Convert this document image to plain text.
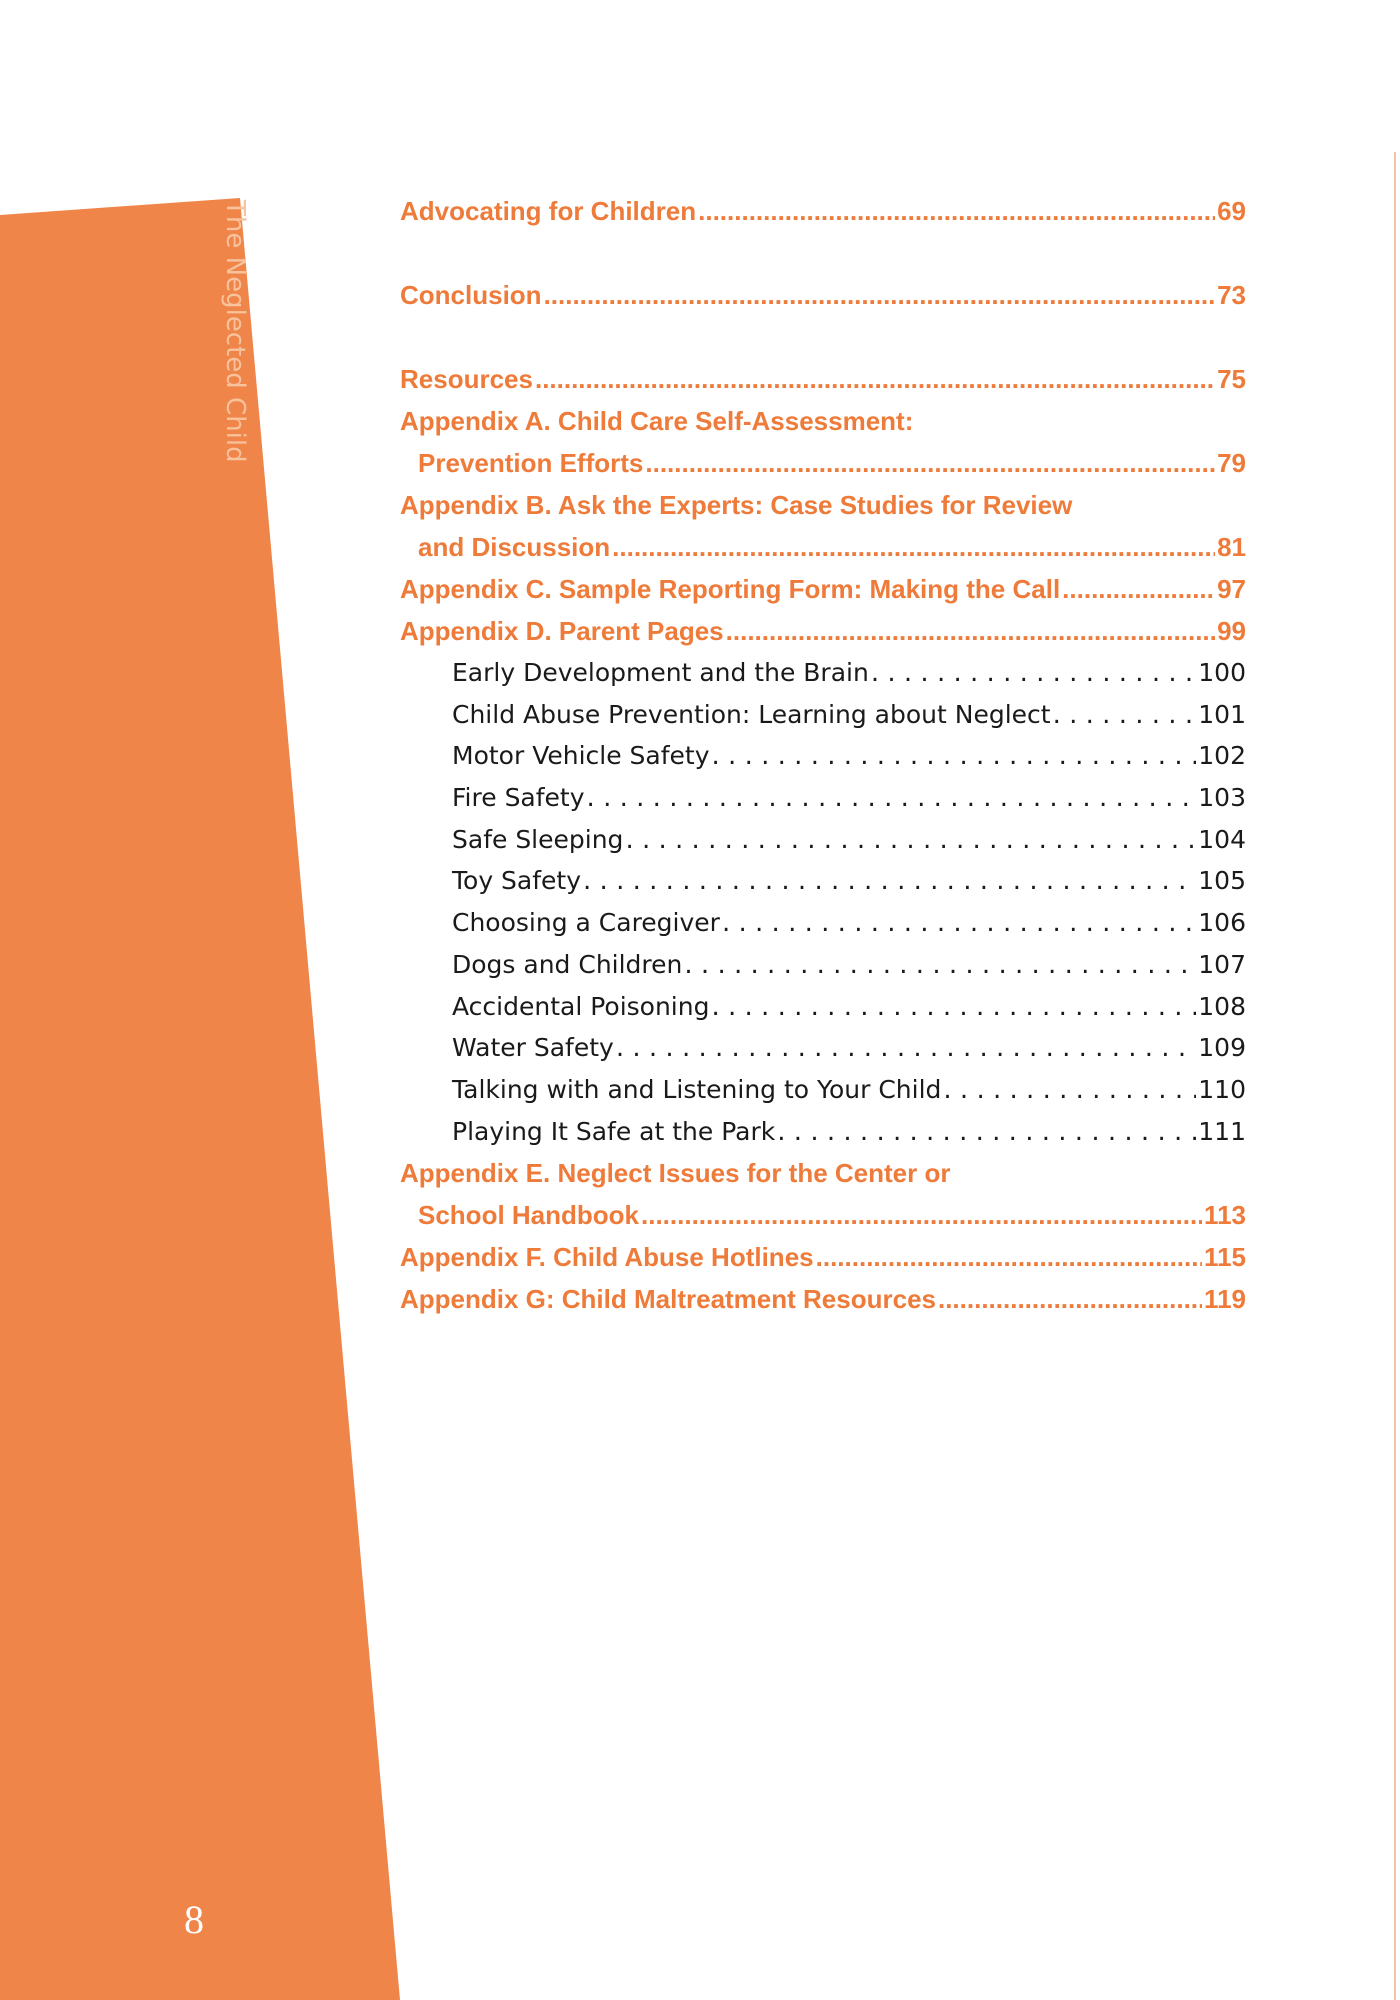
The Neglected Child
8
Advocating for Children .....	69
Conclusion .....	73
Resources .....	75
Appendix A. Child Care Self-Assessment:
Prevention Efforts .....	79
Appendix B. Ask the Experts: Case Studies for Review
and Discussion .....	81
Appendix C. Sample Reporting Form: Making the Call .....	97
Appendix D. Parent Pages .....	99
Early Development and the Brain . . .	100
Child Abuse Prevention: Learning about Neglect . . .	101
Motor Vehicle Safety . . .	102
Fire Safety . . .	103
Safe Sleeping . . .	104
Toy Safety . . .	105
Choosing a Caregiver . . .	106
Dogs and Children . . .	107
Accidental Poisoning . . .	108
Water Safety . . .	109
Talking with and Listening to Your Child . . .	110
Playing It Safe at the Park . . .	111
Appendix E. Neglect Issues for the Center or
School Handbook .....	113
Appendix F. Child Abuse Hotlines .....	115
Appendix G: Child Maltreatment Resources .....	119
